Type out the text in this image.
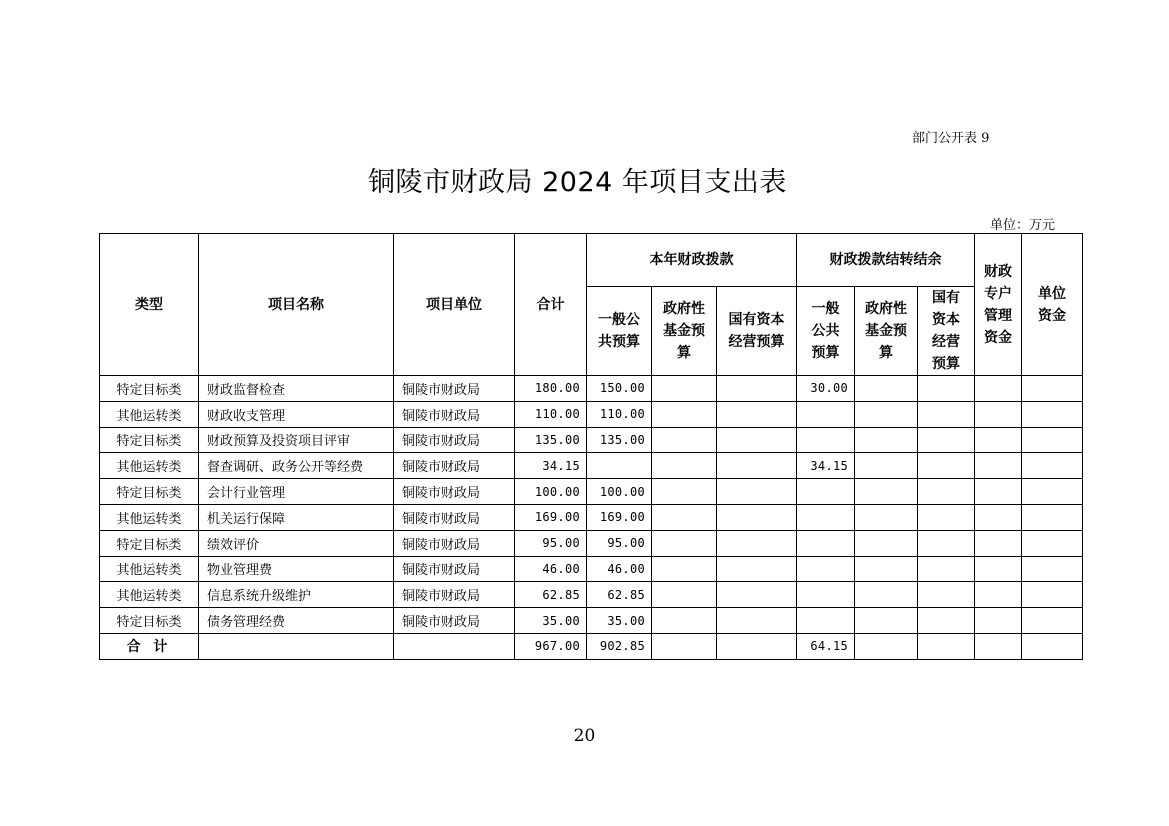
部门公开表 9
铜陵市财政局 2024 年项目支出表
单位：万元
类型	项目名称	项目单位	合计	本年财政拨款			财政拨款结转结余			财政专户管理资金	单位资金
				一般公共预算	政府性基金预算	国有资本经营预算	一般公共预算	政府性基金预算	国有资本经营预算		
特定目标类	财政监督检查	铜陵市财政局	180.00	150.00			30.00				
其他运转类	财政收支管理	铜陵市财政局	110.00	110.00							
特定目标类	财政预算及投资项目评审	铜陵市财政局	135.00	135.00							
其他运转类	督查调研、政务公开等经费	铜陵市财政局	34.15				34.15				
特定目标类	会计行业管理	铜陵市财政局	100.00	100.00							
其他运转类	机关运行保障	铜陵市财政局	169.00	169.00							
特定目标类	绩效评价	铜陵市财政局	95.00	95.00							
其他运转类	物业管理费	铜陵市财政局	46.00	46.00							
其他运转类	信息系统升级维护	铜陵市财政局	62.85	62.85							
特定目标类	债务管理经费	铜陵市财政局	35.00	35.00							
合 计			967.00	902.85			64.15				
20
